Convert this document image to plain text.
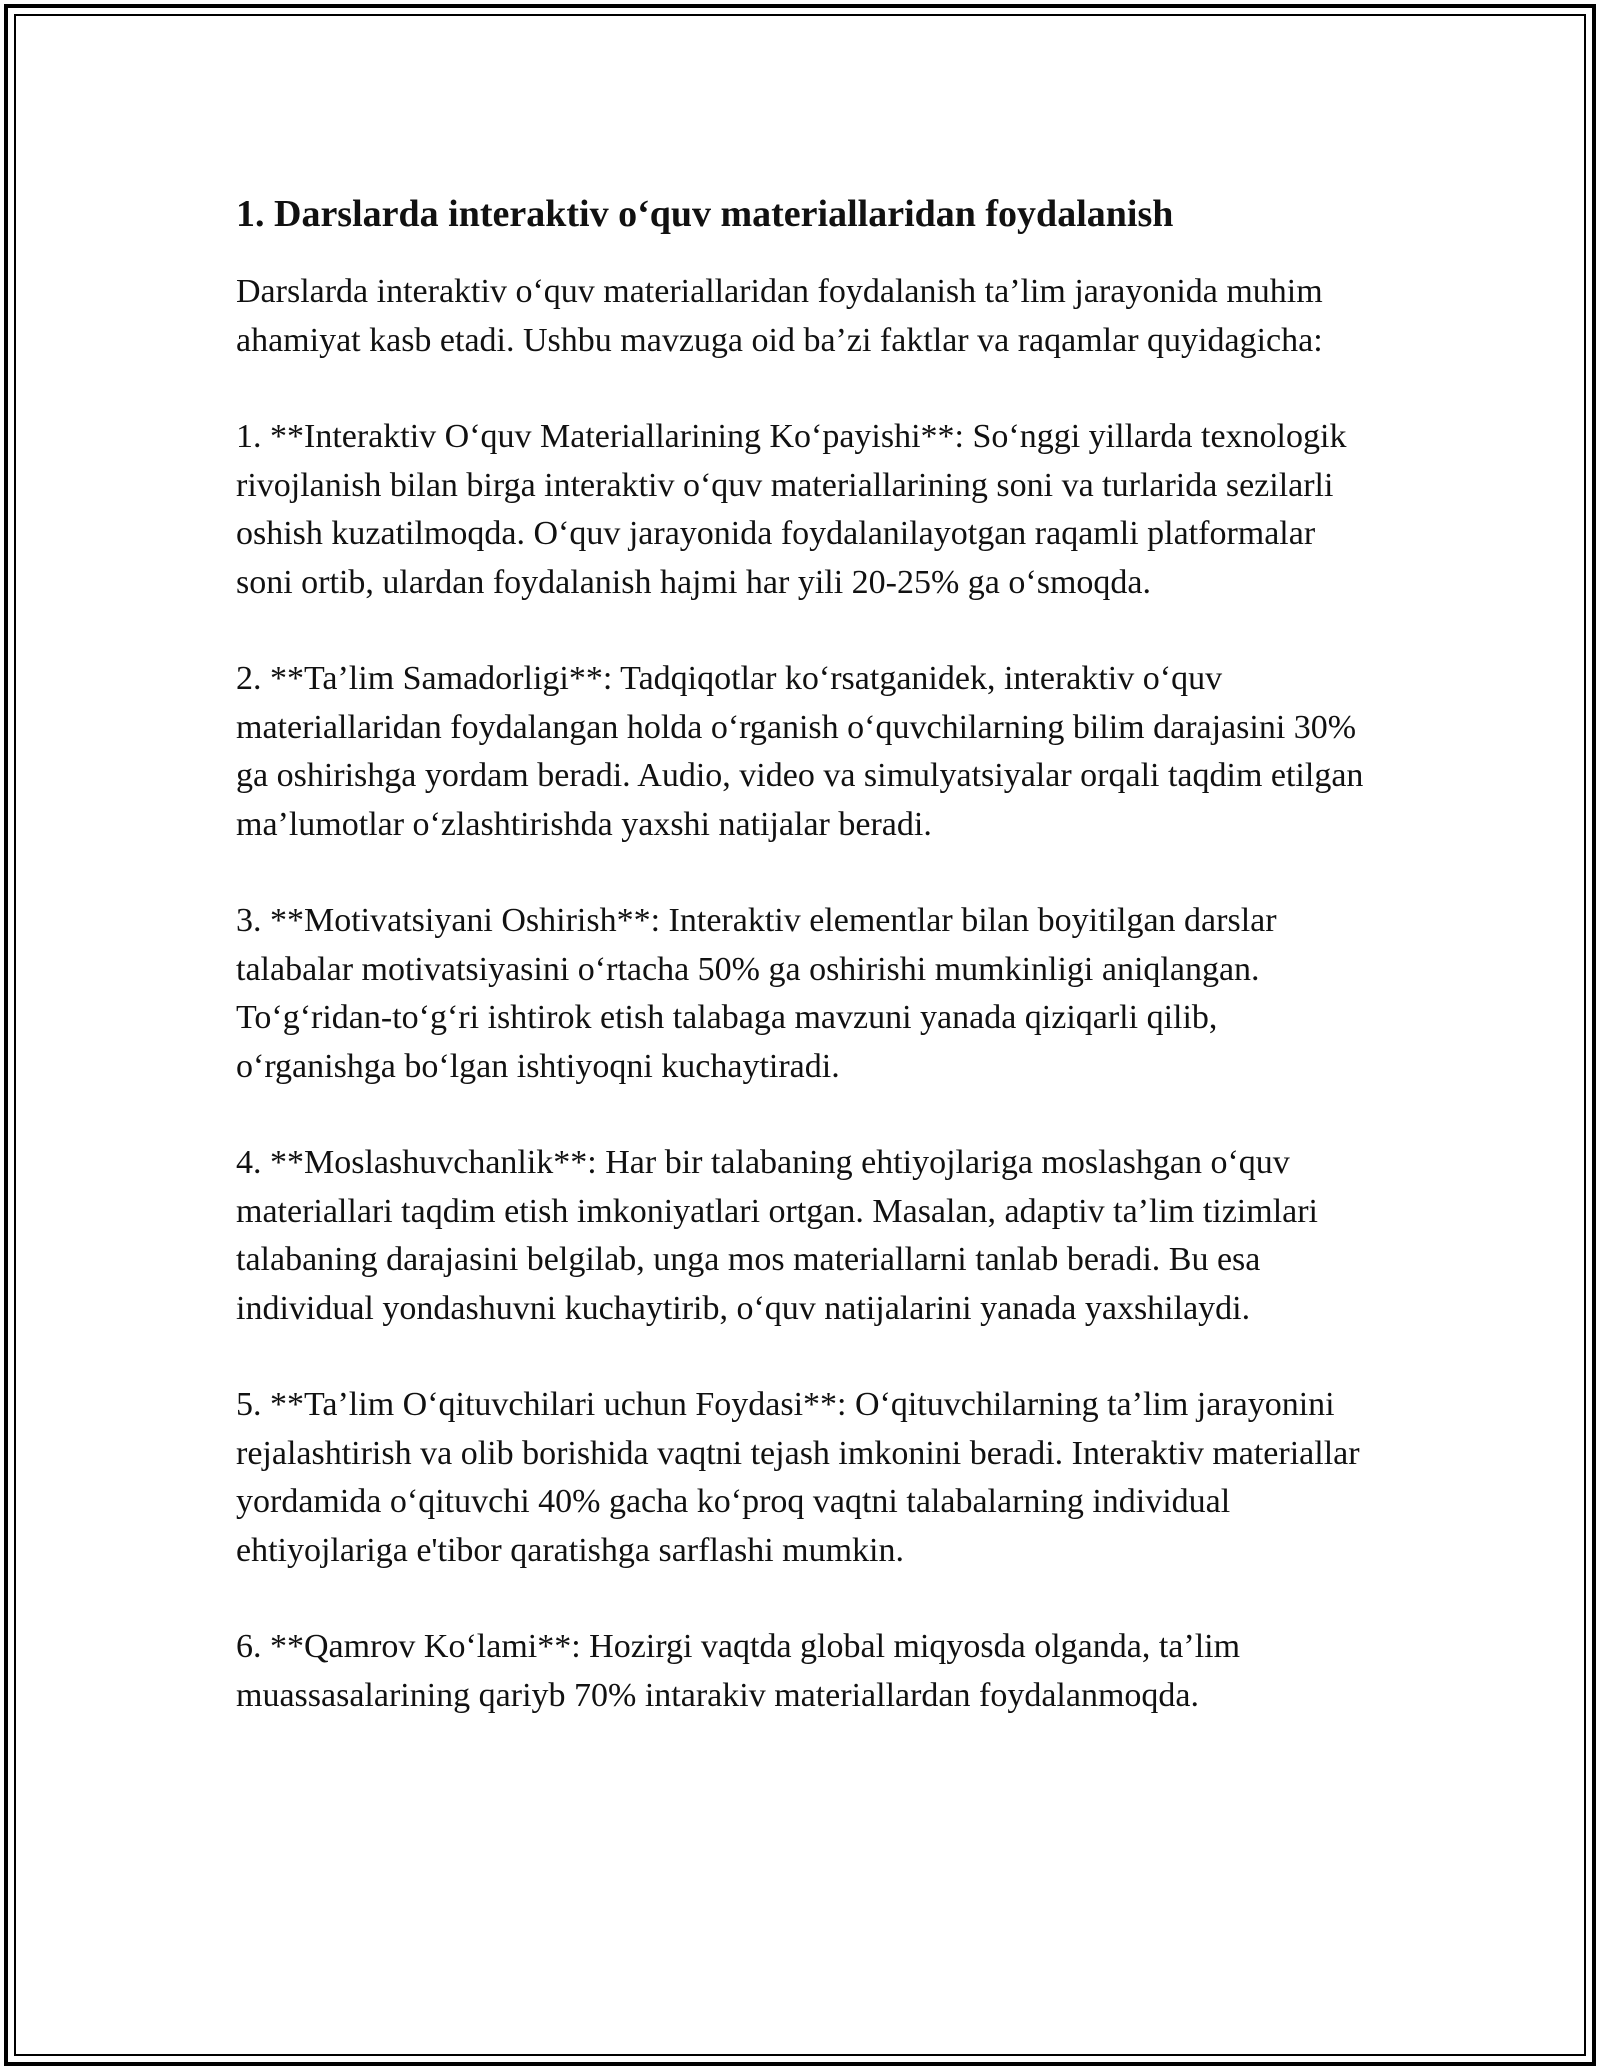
1. Darslarda interaktiv o‘quv materiallaridan foydalanish

Darslarda interaktiv o‘quv materiallaridan foydalanish ta’lim jarayonida muhim ahamiyat kasb etadi. Ushbu mavzuga oid ba’zi faktlar va raqamlar quyidagicha:

1. **Interaktiv O‘quv Materiallarining Ko‘payishi**: So‘nggi yillarda texnologik rivojlanish bilan birga interaktiv o‘quv materiallarining soni va turlarida sezilarli oshish kuzatilmoqda. O‘quv jarayonida foydalanilayotgan raqamli platformalar soni ortib, ulardan foydalanish hajmi har yili 20-25% ga o‘smoqda.

2. **Ta’lim Samadorligi**: Tadqiqotlar ko‘rsatganidek, interaktiv o‘quv materiallaridan foydalangan holda o‘rganish o‘quvchilarning bilim darajasini 30% ga oshirishga yordam beradi. Audio, video va simulyatsiyalar orqali taqdim etilgan ma’lumotlar o‘zlashtirishda yaxshi natijalar beradi.

3. **Motivatsiyani Oshirish**: Interaktiv elementlar bilan boyitilgan darslar talabalar motivatsiyasini o‘rtacha 50% ga oshirishi mumkinligi aniqlangan. To‘g‘ridan-to‘g‘ri ishtirok etish talabaga mavzuni yanada qiziqarli qilib, o‘rganishga bo‘lgan ishtiyoqni kuchaytiradi.

4. **Moslashuvchanlik**: Har bir talabaning ehtiyojlariga moslashgan o‘quv materiallari taqdim etish imkoniyatlari ortgan. Masalan, adaptiv ta’lim tizimlari talabaning darajasini belgilab, unga mos materiallarni tanlab beradi. Bu esa individual yondashuvni kuchaytirib, o‘quv natijalarini yanada yaxshilaydi.

5. **Ta’lim O‘qituvchilari uchun Foydasi**: O‘qituvchilarning ta’lim jarayonini rejalashtirish va olib borishida vaqtni tejash imkonini beradi. Interaktiv materiallar yordamida o‘qituvchi 40% gacha ko‘proq vaqtni talabalarning individual ehtiyojlariga e'tibor qaratishga sarflashi mumkin.

6. **Qamrov Ko‘lami**: Hozirgi vaqtda global miqyosda olganda, ta’lim muassasalarining qariyb 70% intarakiv materiallardan foydalanmoqda.
